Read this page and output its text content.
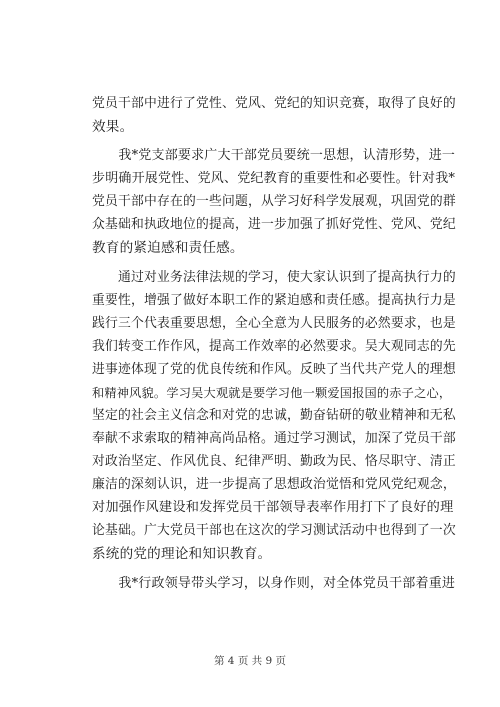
党员干部中进行了党性、党风、党纪的知识竞赛，取得了良好的
效果。
　　我*党支部要求广大干部党员要统一思想，认清形势，进一
步明确开展党性、党风、党纪教育的重要性和必要性。针对我*
党员干部中存在的一些问题，从学习好科学发展观，巩固党的群
众基础和执政地位的提高，进一步加强了抓好党性、党风、党纪
教育的紧迫感和责任感。
　　通过对业务法律法规的学习，使大家认识到了提高执行力的
重要性，增强了做好本职工作的紧迫感和责任感。提高执行力是
践行三个代表重要思想，全心全意为人民服务的必然要求，也是
我们转变工作作风，提高工作效率的必然要求。吴大观同志的先
进事迹体现了党的优良传统和作风。反映了当代共产党人的理想
和精神风貌。学习吴大观就是要学习他一颗爱国报国的赤子之心，
坚定的社会主义信念和对党的忠诚，勤奋钻研的敬业精神和无私
奉献不求索取的精神高尚品格。通过学习测试，加深了党员干部
对政治坚定、作风优良、纪律严明、勤政为民、恪尽职守、清正
廉洁的深刻认识，进一步提高了思想政治觉悟和党风党纪观念，
对加强作风建设和发挥党员干部领导表率作用打下了良好的理
论基础。广大党员干部也在这次的学习测试活动中也得到了一次
系统的党的理论和知识教育。
　　我*行政领导带头学习，以身作则，对全体党员干部着重进
第 4 页 共 9 页
